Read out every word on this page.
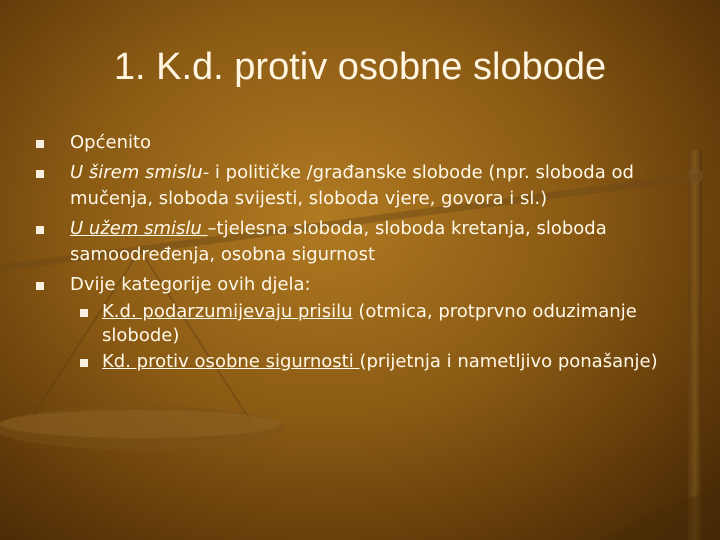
1. K.d. protiv osobne slobode
Općenito
U širem smislu- i političke /građanske slobode (npr. sloboda od mučenja, sloboda svijesti, sloboda vjere, govora i sl.)
U užem smislu –tjelesna sloboda, sloboda kretanja, sloboda samoodređenja, osobna sigurnost
Dvije kategorije ovih djela:
K.d. podarzumijevaju prisilu (otmica, protprvno oduzimanje slobode)
Kd. protiv osobne sigurnosti (prijetnja i nametljivo ponašanje)
